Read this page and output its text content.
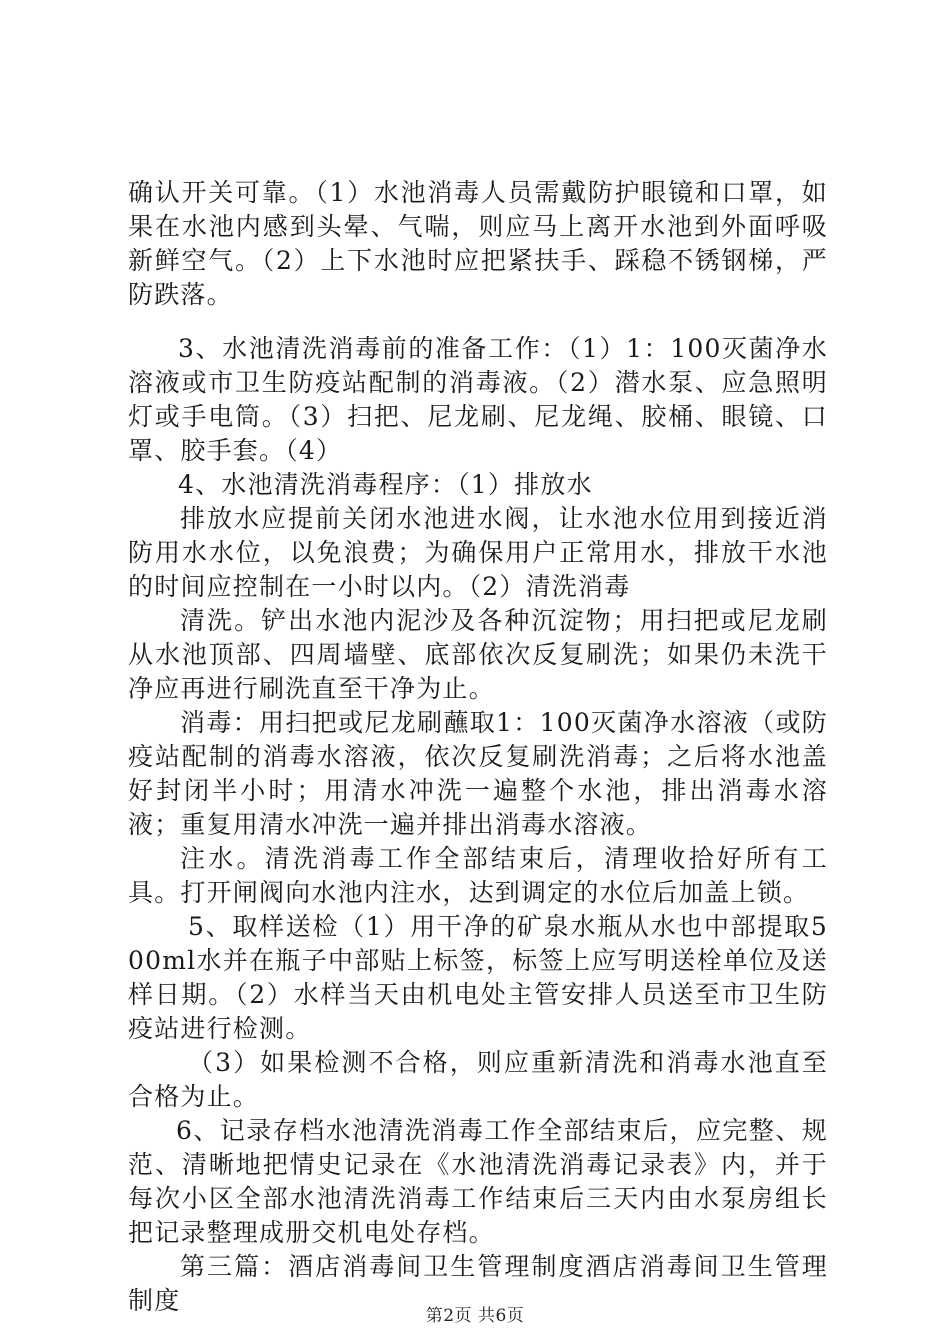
确认开关可靠。（1）水池消毒人员需戴防护眼镜和口罩，如果在水池内感到头晕、气喘，则应马上离开水池到外面呼吸新鲜空气。（2）上下水池时应把紧扶手、踩稳不锈钢梯，严防跌落。

3、水池清洗消毒前的准备工作：（1）1：100灭菌净水溶液或市卫生防疫站配制的消毒液。（2）潜水泵、应急照明灯或手电筒。（3）扫把、尼龙刷、尼龙绳、胶桶、眼镜、口罩、胶手套。（4）

4、水池清洗消毒程序：（1）排放水

排放水应提前关闭水池进水阀，让水池水位用到接近消防用水水位，以免浪费；为确保用户正常用水，排放干水池的时间应控制在一小时以内。（2）清洗消毒

清洗。铲出水池内泥沙及各种沉淀物；用扫把或尼龙刷从水池顶部、四周墙壁、底部依次反复刷洗；如果仍未洗干净应再进行刷洗直至干净为止。

消毒：用扫把或尼龙刷蘸取1：100灭菌净水溶液（或防疫站配制的消毒水溶液，依次反复刷洗消毒；之后将水池盖好封闭半小时；用清水冲洗一遍整个水池，排出消毒水溶液；重复用清水冲洗一遍并排出消毒水溶液。

注水。清洗消毒工作全部结束后，清理收拾好所有工具。打开闸阀向水池内注水，达到调定的水位后加盖上锁。

5、取样送检（1）用干净的矿泉水瓶从水也中部提取500ml水并在瓶子中部贴上标签，标签上应写明送栓单位及送样日期。（2）水样当天由机电处主管安排人员送至市卫生防疫站进行检测。

（3）如果检测不合格，则应重新清洗和消毒水池直至合格为止。

6、记录存档水池清洗消毒工作全部结束后，应完整、规范、清晰地把情史记录在《水池清洗消毒记录表》内，并于每次小区全部水池清洗消毒工作结束后三天内由水泵房组长把记录整理成册交机电处存档。

第三篇：酒店消毒间卫生管理制度酒店消毒间卫生管理制度

第2页 共6页
